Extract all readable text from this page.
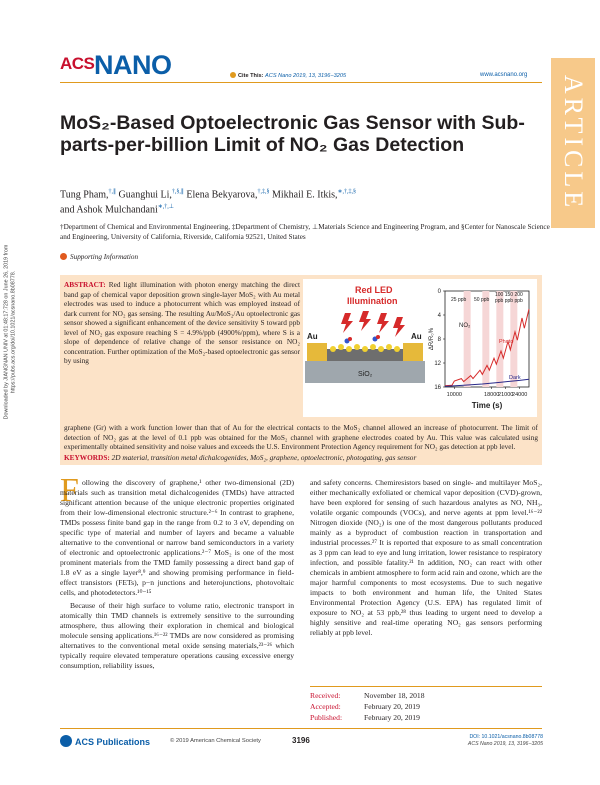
ACS NANO	Cite This: ACS Nano 2019, 13, 3196−3205	www.acsnano.org ARTICLE
Downloaded by JIANGNAN UNIV at 01:48:17:728 on June 26, 2019 from https://pubs.acs.org/doi/10.1021/acsnano.8b08778.
MoS₂-Based Optoelectronic Gas Sensor with Sub-parts-per-billion Limit of NO₂ Gas Detection
Tung Pham,†,∥ Guanghui Li,†,§,∥ Elena Bekyarova,†,‡,§ Mikhail E. Itkis,∗,†,‡,§
and Ashok Mulchandani∗,†,⊥
†Department of Chemical and Environmental Engineering, ‡Department of Chemistry, ⊥Materials Science and Engineering Program, and §Center for Nanoscale Science and Engineering, University of California, Riverside, California 92521, United States
Supporting Information
ABSTRACT: Red light illumination with photon energy matching the direct band gap of chemical vapor deposition grown single-layer MoS₂ with Au metal electrodes was used to induce a photocurrent which was employed instead of dark current for NO₂ gas sensing. The resulting Au/MoS₂/Au optoelectronic gas sensor showed a significant enhancement of the device sensitivity S toward ppb level of NO₂ gas exposure reaching S = 4.9%/ppb (4900%/ppm), where S is a slope of dependence of relative change of the sensor resistance on NO₂ concentration. Further optimization of the MoS₂-based optoelectronic gas sensor by using
graphene (Gr) with a work function lower than that of Au for the electrical contacts to the MoS₂ channel allowed an increase of photocurrent. The limit of detection of NO₂ gas at the level of 0.1 ppb was obtained for the MoS₂ channel with graphene electrodes coated by Au. This value was calculated using experimentally obtained sensitivity and noise values and exceeds the U.S. Environment Protection Agency requirement for NO₂ gas detection at ppb level.
KEYWORDS: 2D material, transition metal dichalcogenides, MoS₂, graphene, optoelectronic, photogating, gas sensor
Red LED
Illumination
Au	Au
SiO₂
16
12
8
4
0
10000	18000
21000
24000
Time (s)
ΔR/R₀%
25 ppb 50 ppb
100 150 200
ppb ppb ppb
NO₂
Photo
Dark
F ollowing the discovery of graphene,¹ other two-dimensional (2D) materials such as transition metal dichalcogenides (TMDs) have attracted significant attention because of the unique electronic properties originated from their low-dimensional electronic structure.²⁻⁶ In contrast to graphene, TMDs possess finite band gap in the range from 0.2 to 3 eV, depending on specific type of material and number of layers and became a valuable alternative to the conventional or narrow band semiconductors in a variety of electronic and optoelectronic applications.²⁻⁷ MoS₂ is one of the most prominent materials from the TMD family possessing a direct band gap of 1.8 eV as a single layer⁸,⁹ and showing promising performance in field-effect transistors (FETs), p−n junctions and heterojunctions, photovoltaic cells, and photodetectors.¹⁰⁻¹⁵

Because of their high surface to volume ratio, electronic transport in atomically thin TMD channels is extremely sensitive to the surrounding atmosphere, thus allowing their exploration in chemical and biological molecule sensing applications.¹⁶⁻²² TMDs are now considered as promising alternatives to the conventional metal oxide sensing materials,²³⁻²⁶ which typically require elevated temperature operations causing excessive energy consumption, reliability issues,

and safety concerns. Chemiresistors based on single- and multilayer MoS₂, either mechanically exfoliated or chemical vapor deposition (CVD)-grown, have been explored for sensing of such hazardous analytes as NO, NH₃, volatile organic compounds (VOCs), and nerve agents at ppm level.¹⁶⁻²² Nitrogen dioxide (NO₂) is one of the most dangerous pollutants produced mainly as a byproduct of combustion reaction in transportation and industrial processes.²⁷ It is reported that exposure to as small concentration as 3 ppm can lead to eye and lung irritation, lower resistance to respiratory infection, and possible fatality.²¹ In addition, NO₂ can react with other chemicals in ambient atmosphere to form acid rain and ozone, which are the major harmful components to most ecosystems. Due to such negative impacts to both environment and human life, the United States Environmental Protection Agency (U.S. EPA) has regulated limit of exposure to NO₂ at 53 ppb,²⁸ thus leading to urgent need to develop a highly sensitive and real-time operating NO₂ gas sensors performing reliably at ppb level.

Received:	November 18, 2018
Accepted:	February 20, 2019
Published:	February 20, 2019
ACS Publications	© 2019 American Chemical Society	3196	DOI: 10.1021/acsnano.8b08778
ACS Nano 2019, 13, 3196−3205
